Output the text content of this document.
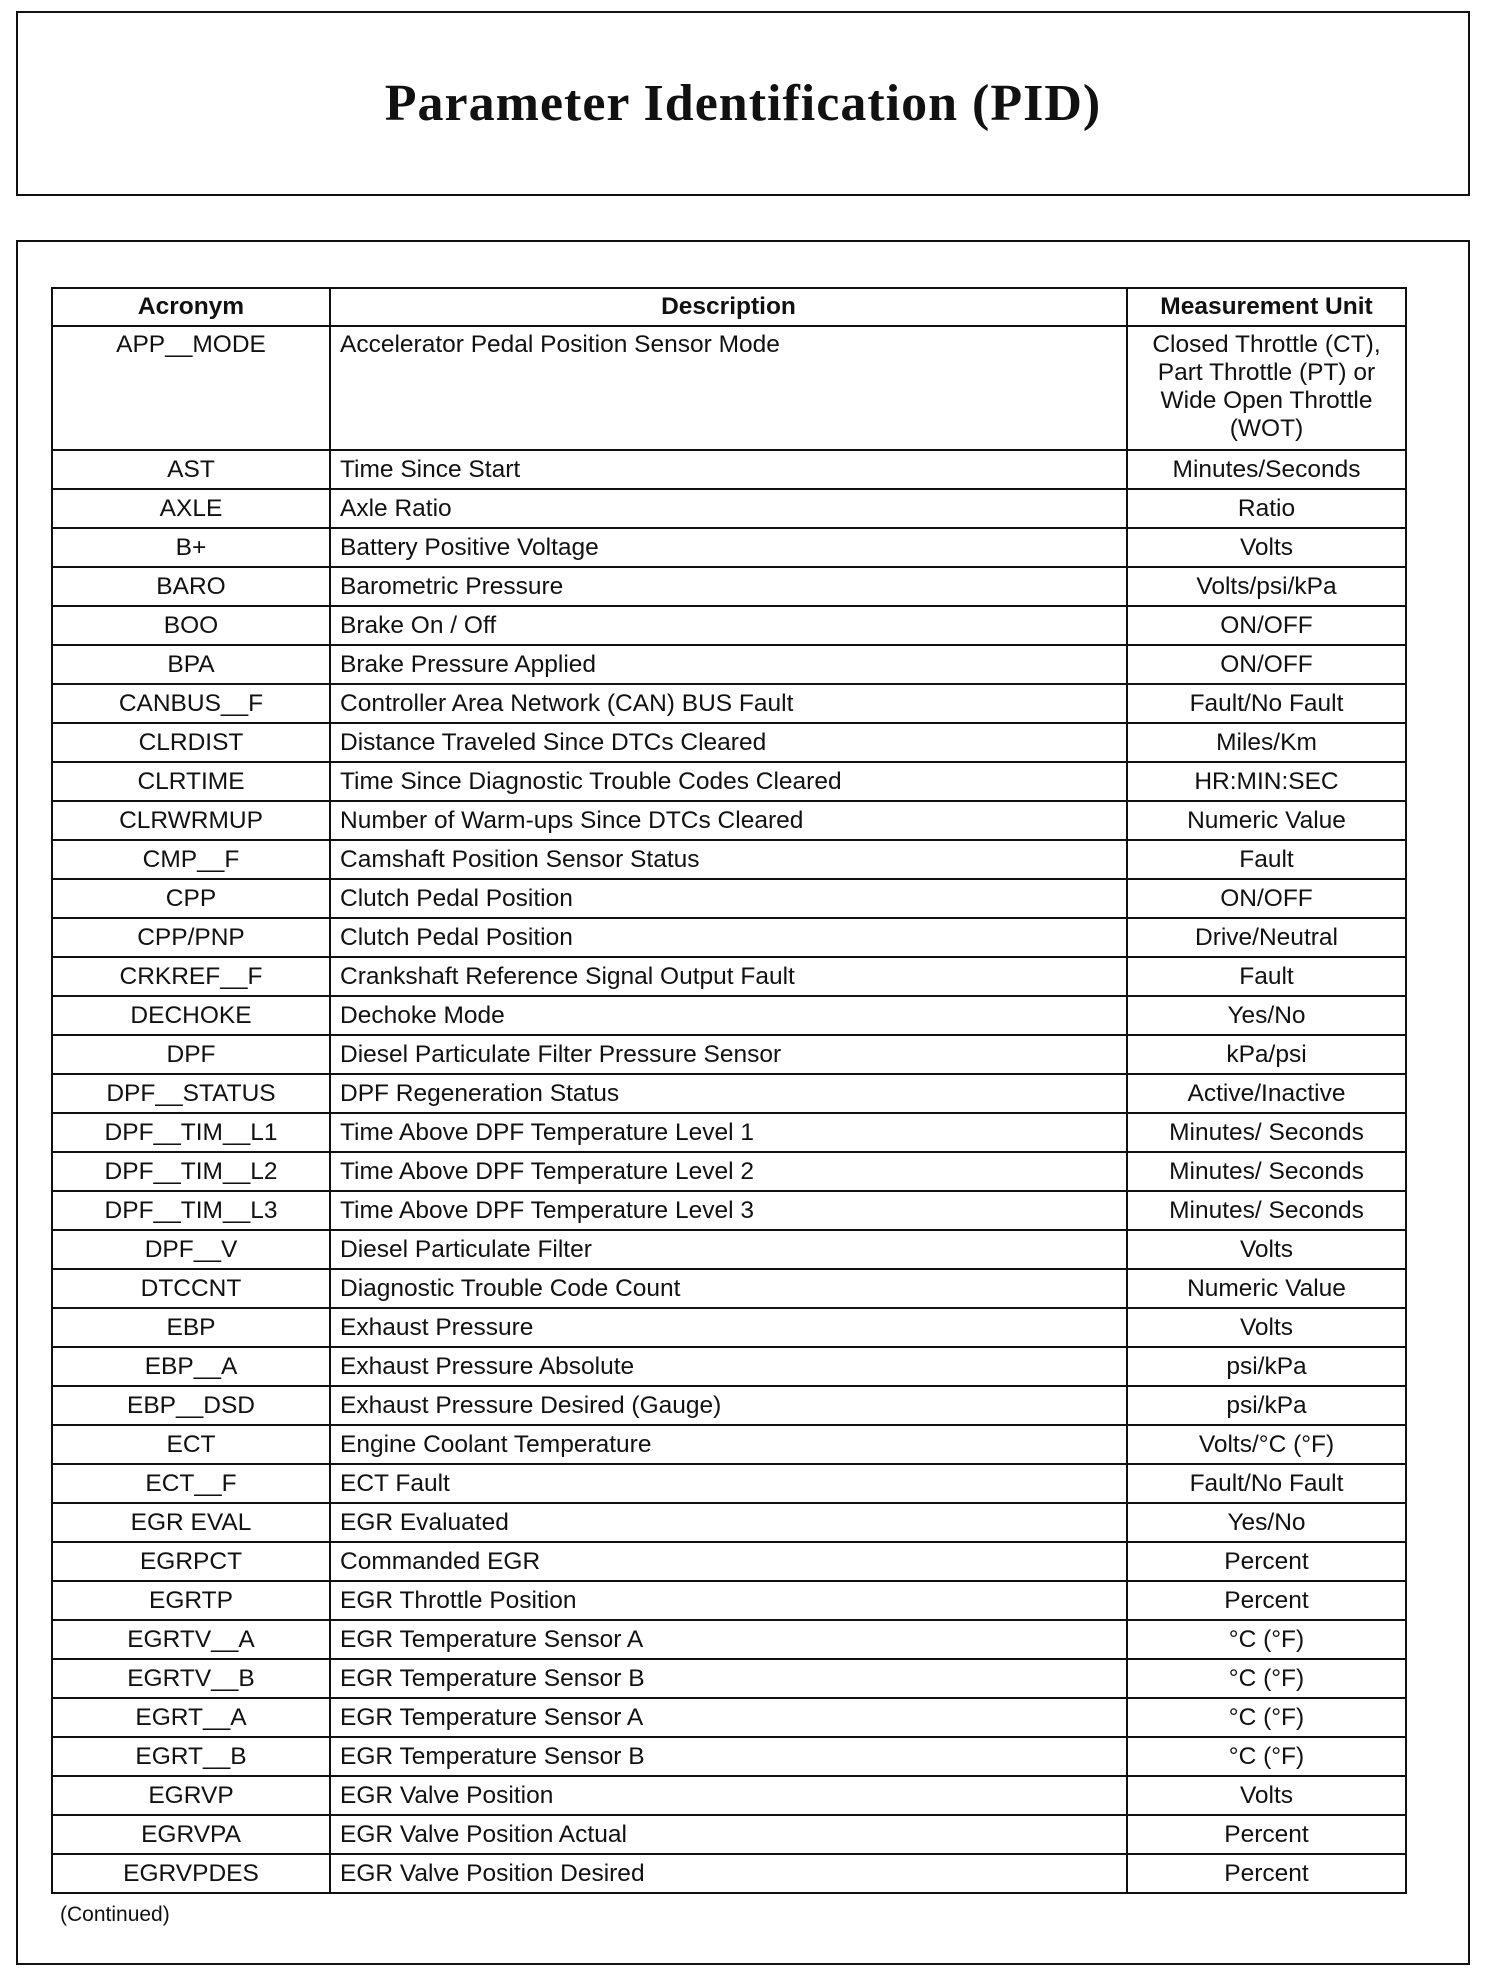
Parameter Identification (PID)
Acronym	Description	Measurement Unit
APP__MODE	Accelerator Pedal Position Sensor Mode	Closed Throttle (CT), Part Throttle (PT) or Wide Open Throttle (WOT)
AST	Time Since Start	Minutes/Seconds
AXLE	Axle Ratio	Ratio
B+	Battery Positive Voltage	Volts
BARO	Barometric Pressure	Volts/psi/kPa
BOO	Brake On / Off	ON/OFF
BPA	Brake Pressure Applied	ON/OFF
CANBUS__F	Controller Area Network (CAN) BUS Fault	Fault/No Fault
CLRDIST	Distance Traveled Since DTCs Cleared	Miles/Km
CLRTIME	Time Since Diagnostic Trouble Codes Cleared	HR:MIN:SEC
CLRWRMUP	Number of Warm-ups Since DTCs Cleared	Numeric Value
CMP__F	Camshaft Position Sensor Status	Fault
CPP	Clutch Pedal Position	ON/OFF
CPP/PNP	Clutch Pedal Position	Drive/Neutral
CRKREF__F	Crankshaft Reference Signal Output Fault	Fault
DECHOKE	Dechoke Mode	Yes/No
DPF	Diesel Particulate Filter Pressure Sensor	kPa/psi
DPF__STATUS	DPF Regeneration Status	Active/Inactive
DPF__TIM__L1	Time Above DPF Temperature Level 1	Minutes/ Seconds
DPF__TIM__L2	Time Above DPF Temperature Level 2	Minutes/ Seconds
DPF__TIM__L3	Time Above DPF Temperature Level 3	Minutes/ Seconds
DPF__V	Diesel Particulate Filter	Volts
DTCCNT	Diagnostic Trouble Code Count	Numeric Value
EBP	Exhaust Pressure	Volts
EBP__A	Exhaust Pressure Absolute	psi/kPa
EBP__DSD	Exhaust Pressure Desired (Gauge)	psi/kPa
ECT	Engine Coolant Temperature	Volts/°C (°F)
ECT__F	ECT Fault	Fault/No Fault
EGR EVAL	EGR Evaluated	Yes/No
EGRPCT	Commanded EGR	Percent
EGRTP	EGR Throttle Position	Percent
EGRTV__A	EGR Temperature Sensor A	°C (°F)
EGRTV__B	EGR Temperature Sensor B	°C (°F)
EGRT__A	EGR Temperature Sensor A	°C (°F)
EGRT__B	EGR Temperature Sensor B	°C (°F)
EGRVP	EGR Valve Position	Volts
EGRVPA	EGR Valve Position Actual	Percent
EGRVPDES	EGR Valve Position Desired	Percent
(Continued)
